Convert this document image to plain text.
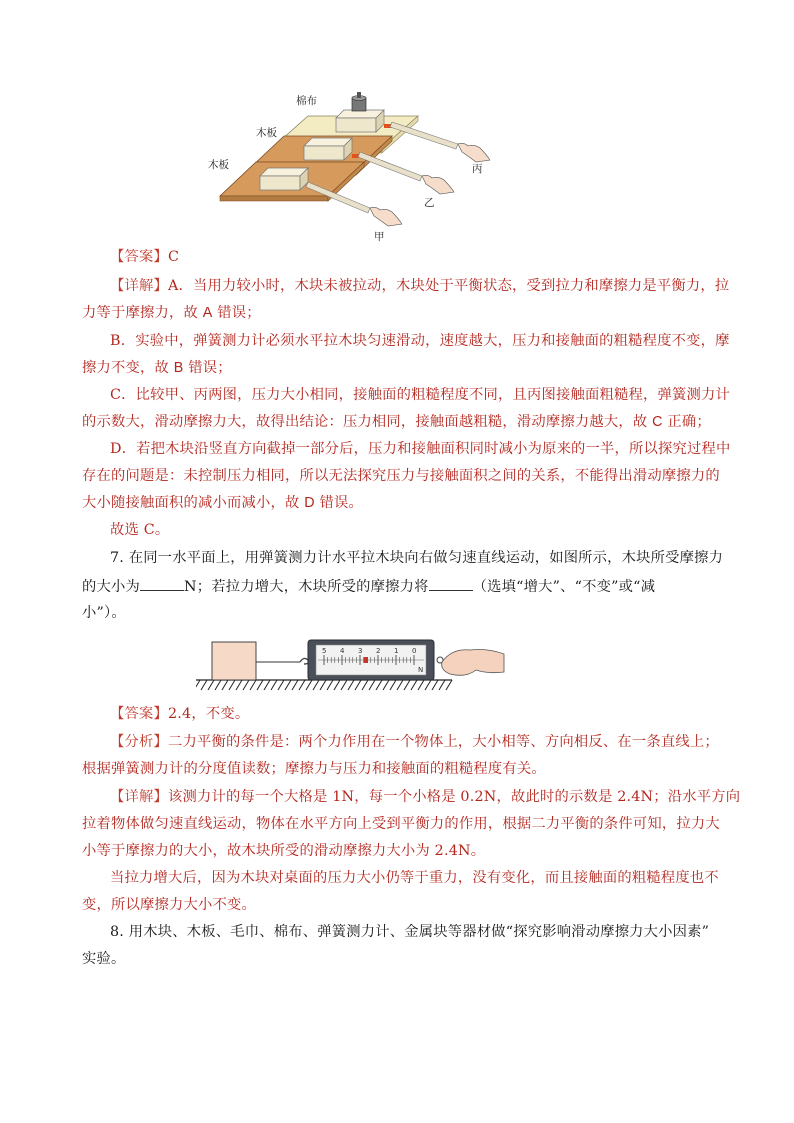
棉布
木板
木板	丙
乙
甲
【答案】C
【详解】A．当用力较小时，木块未被拉动，木块处于平衡状态，受到拉力和摩擦力是平衡力，拉
力等于摩擦力，故 A 错误；
B．实验中，弹簧测力计必须水平拉木块匀速滑动，速度越大，压力和接触面的粗糙程度不变，摩
擦力不变，故 B 错误；
C．比较甲、丙两图，压力大小相同，接触面的粗糙程度不同，且丙图接触面粗糙程，弹簧测力计
的示数大，滑动摩擦力大，故得出结论：压力相同，接触面越粗糙，滑动摩擦力越大，故 C 正确；
D．若把木块沿竖直方向截掉一部分后，压力和接触面积同时减小为原来的一半，所以探究过程中
存在的问题是：未控制压力相同，所以无法探究压力与接触面积之间的关系，不能得出滑动摩擦力的
大小随接触面积的减小而减小，故 D 错误。
故选 C。
7. 在同一水平面上，用弹簧测力计水平拉木块向右做匀速直线运动，如图所示，木块所受摩擦力
的大小为	N；若拉力增大，木块所受的摩擦力将	（选填“增大”、“不变”或“减
小”）。
5 4 3 2 1 0
N
【答案】2.4，不变。
【分析】二力平衡的条件是：两个力作用在一个物体上，大小相等、方向相反、在一条直线上；
根据弹簧测力计的分度值读数；摩擦力与压力和接触面的粗糙程度有关。
【详解】该测力计的每一个大格是 1N，每一个小格是 0.2N，故此时的示数是 2.4N；沿水平方向
拉着物体做匀速直线运动，物体在水平方向上受到平衡力的作用，根据二力平衡的条件可知，拉力大
小等于摩擦力的大小，故木块所受的滑动摩擦力大小为 2.4N。
当拉力增大后，因为木块对桌面的压力大小仍等于重力，没有变化，而且接触面的粗糙程度也不
变，所以摩擦力大小不变。
8. 用木块、木板、毛巾、棉布、弹簧测力计、金属块等器材做“探究影响滑动摩擦力大小因素”
实验。
